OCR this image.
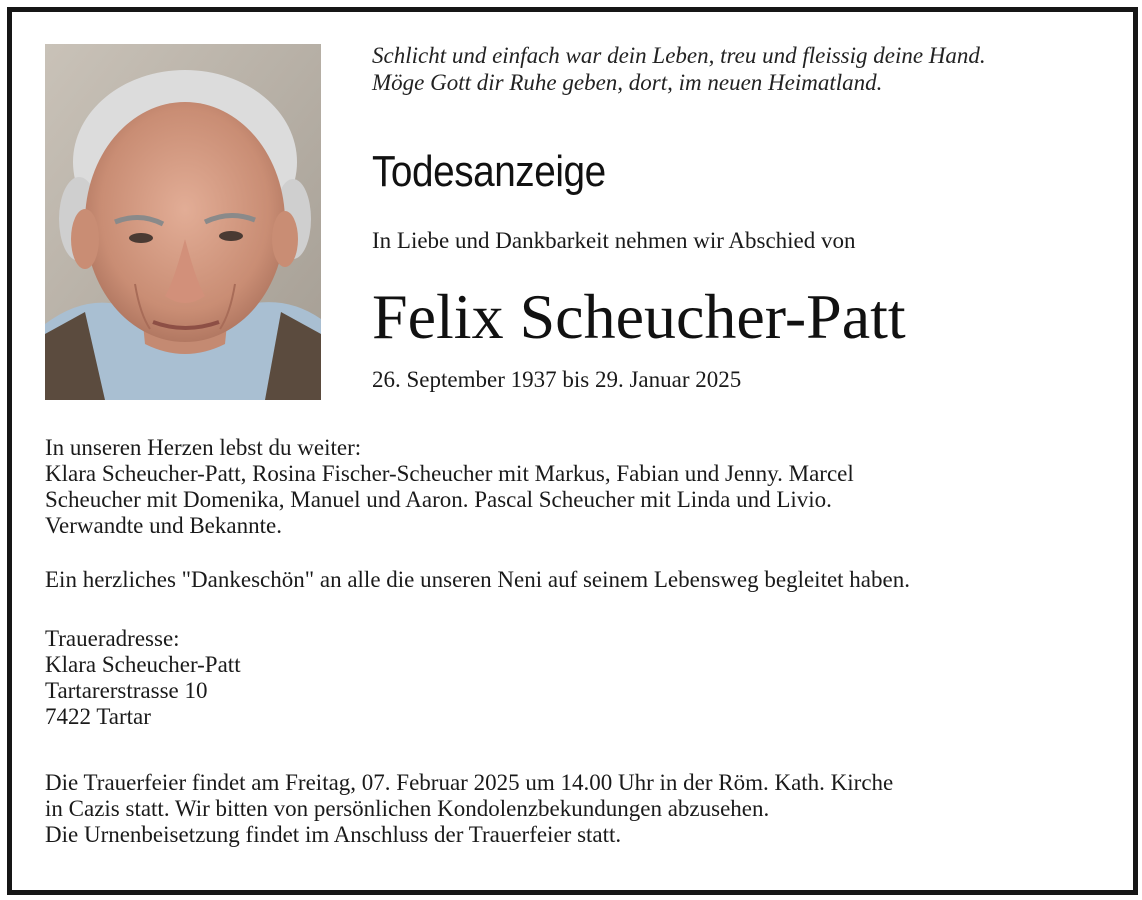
Schlicht und einfach war dein Leben, treu und fleissig deine Hand.
Möge Gott dir Ruhe geben, dort, im neuen Heimatland.
Todesanzeige
In Liebe und Dankbarkeit nehmen wir Abschied von
Felix Scheucher-Patt
26. September 1937 bis 29. Januar 2025
In unseren Herzen lebst du weiter:
Klara Scheucher-Patt, Rosina Fischer-Scheucher mit Markus, Fabian und Jenny. Marcel
Scheucher mit Domenika, Manuel und Aaron. Pascal Scheucher mit Linda und Livio.
Verwandte und Bekannte.
Ein herzliches "Dankeschön" an alle die unseren Neni auf seinem Lebensweg begleitet haben.
Traueradresse:
Klara Scheucher-Patt
Tartarerstrasse 10
7422 Tartar
Die Trauerfeier findet am Freitag, 07. Februar 2025 um 14.00 Uhr in der Röm. Kath. Kirche
in Cazis statt. Wir bitten von persönlichen Kondolenzbekundungen abzusehen.
Die Urnenbeisetzung findet im Anschluss der Trauerfeier statt.
